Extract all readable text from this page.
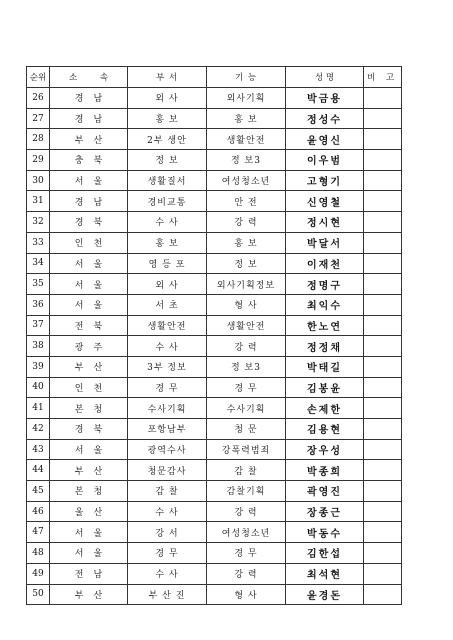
순위	소 속	부 서	기 능	성 명	비 고
26	경남	외 사	외사기획	박금용	
27	경남	홍 보	홍 보	정성수	
28	부산	2부 생안	생활안전	윤영신	
29	충북	정 보	정 보3	이우범	
30	서울	생활질서	여성청소년	고형기	
31	경남	경비교통	안 전	신영철	
32	경북	수 사	강 력	정시현	
33	인천	홍 보	홍 보	박달서	
34	서울	영 등 포	정 보	이재천	
35	서울	외 사	외사기획정보	정명구	
36	서울	서 초	형 사	최익수	
37	전북	생활안전	생활안전	한노연	
38	광주	수 사	강 력	정정채	
39	부산	3부 정보	정 보3	박태길	
40	인천	경 무	경 무	김봉윤	
41	본청	수사기획	수사기획	손제한	
42	경북	포항남부	청 문	김용현	
43	서울	광역수사	강폭력범죄	장우성	
44	부산	청문감사	감 찰	박종희	
45	본청	감 찰	감찰기획	곽영진	
46	울산	수 사	강 력	장종근	
47	서울	강 서	여성청소년	박동수	
48	서울	경 무	경 무	김한섭	
49	전남	수 사	강 력	최석현	
50	부산	부 산 진	형 사	윤경돈	
